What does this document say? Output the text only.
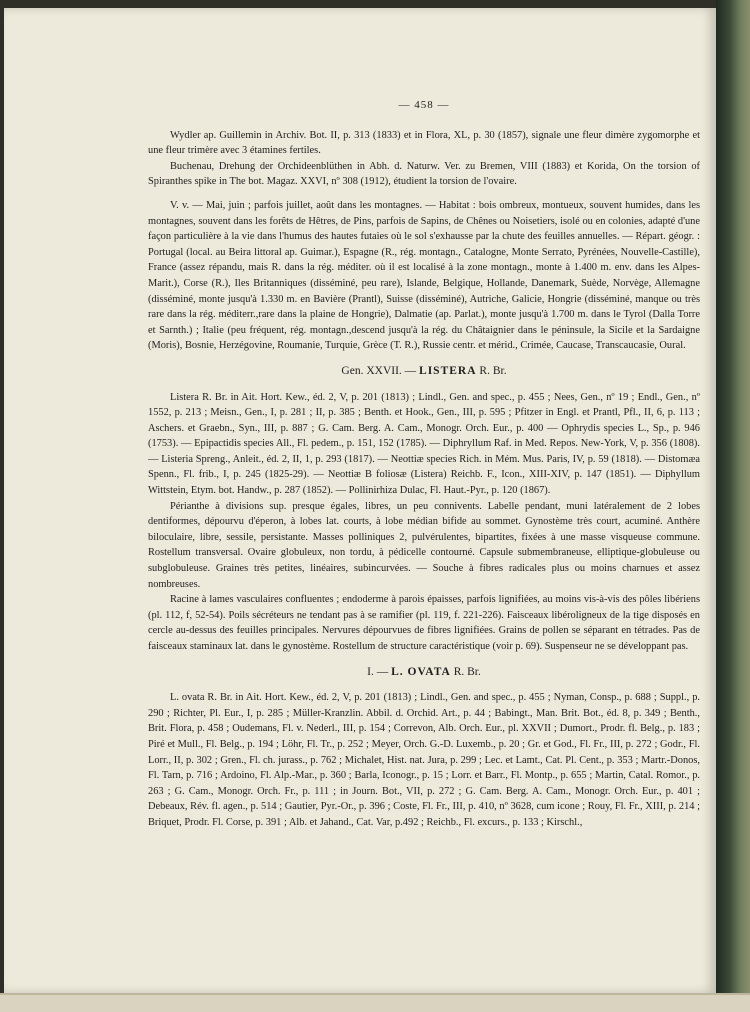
— 458 —

Wydler ap. Guillemin in Archiv. Bot. II, p. 313 (1833) et in Flora, XL, p. 30 (1857), signale une fleur dimère zygomorphe et une fleur trimère avec 3 étamines fertiles.

Buchenau, Drehung der Orchideenblüthen in Abh. d. Naturw. Ver. zu Bremen, VIII (1883) et Korida, On the torsion of Spiranthes spike in The bot. Magaz. XXVI, nº 308 (1912), étudient la torsion de l'ovaire.

V. v. — Mai, juin ; parfois juillet, août dans les montagnes. — Habitat : bois ombreux, montueux, souvent humides, dans les montagnes, souvent dans les forêts de Hêtres, de Pins, parfois de Sapins, de Chênes ou Noisetiers, isolé ou en colonies, adapté d'une façon particulière à la vie dans l'humus des hautes futaies où le sol s'exhausse par la chute des feuilles annuelles. — Répart. géogr. : Portugal (local. au Beira littoral ap. Guimar.), Espagne (R., rég. montagn., Catalogne, Monte Serrato, Pyrénées, Nouvelle-Castille), France (assez répandu, mais R. dans la rég. méditer. où il est localisé à la zone montagn., monte à 1.400 m. env. dans les Alpes-Marit.), Corse (R.), Iles Britanniques (disséminé, peu rare), Islande, Belgique, Hollande, Danemark, Suède, Norvège, Allemagne (disséminé, monte jusqu'à 1.330 m. en Bavière (Prantl), Suisse (disséminé), Autriche, Galicie, Hongrie (disséminé, manque ou très rare dans la rég. méditerr.,rare dans la plaine de Hongrie), Dalmatie (ap. Parlat.), monte jusqu'à 1.700 m. dans le Tyrol (Dalla Torre et Sarnth.) ; Italie (peu fréquent, rég. montagn.,descend jusqu'à la rég. du Châtaignier dans le péninsule, la Sicile et la Sardaigne (Moris), Bosnie, Herzégovine, Roumanie, Turquie, Grèce (T. R.), Russie centr. et mérid., Crimée, Caucase, Transcaucasie, Oural.

Gen. XXVII. — LISTERA R. Br.

Listera R. Br. in Ait. Hort. Kew., éd. 2, V, p. 201 (1813) ; Lindl., Gen. and spec., p. 455 ; Nees, Gen., nº 19 ; Endl., Gen., nº 1552, p. 213 ; Meisn., Gen., I, p. 281 ; II, p. 385 ; Benth. et Hook., Gen., III, p. 595 ; Pfitzer in Engl. et Prantl, Pfl., II, 6, p. 113 ; Aschers. et Graebn., Syn., III, p. 887 ; G. Cam. Berg. A. Cam., Monogr. Orch. Eur., p. 400 — Ophrydis species L., Sp., p. 946 (1753). — Epipactidis species All., Fl. pedem., p. 151, 152 (1785). — Diphryllum Raf. in Med. Repos. New-York, V, p. 356 (1808). — Listeria Spreng., Anleit., éd. 2, II, 1, p. 293 (1817). — Neottiæ species Rich. in Mém. Mus. Paris, IV, p. 59 (1818). — Distomæa Spenn., Fl. frib., I, p. 245 (1825-29). — Neottiæ B foliosæ (Listera) Reichb. F., Icon., XIII-XIV, p. 147 (1851). — Diphyllum Wittstein, Etym. bot. Handw., p. 287 (1852). — Pollinirhiza Dulac, Fl. Haut.-Pyr., p. 120 (1867).

Périanthe à divisions sup. presque égales, libres, un peu connivents. Labelle pendant, muni latéralement de 2 lobes dentiformes, dépourvu d'éperon, à lobes lat. courts, à lobe médian bifide au sommet. Gynostème très court, acuminé. Anthère biloculaire, libre, sessile, persistante. Masses polliniques 2, pulvérulentes, bipartites, fixées à une masse visqueuse commune. Rostellum transversal. Ovaire globuleux, non tordu, à pédicelle contourné. Capsule submembraneuse, elliptique-globuleuse ou subglobuleuse. Graines très petites, linéaires, subincurvées. — Souche à fibres radicales plus ou moins charnues et assez nombreuses.

Racine à lames vasculaires confluentes ; endoderme à parois épaisses, parfois lignifiées, au moins vis-à-vis des pôles libériens (pl. 112, f, 52-54). Poils sécréteurs ne tendant pas à se ramifier (pl. 119, f. 221-226). Faisceaux libéroligneux de la tige disposés en cercle au-dessus des feuilles principales. Nervures dépourvues de fibres lignifiées. Grains de pollen se séparant en tétrades. Pas de faisceaux staminaux lat. dans le gynostème. Rostellum de structure caractéristique (voir p. 69). Suspenseur ne se développant pas.

I. — L. OVATA R. Br.

L. ovata R. Br. in Ait. Hort. Kew., éd. 2, V, p. 201 (1813) ; Lindl., Gen. and spec., p. 455 ; Nyman, Consp., p. 688 ; Suppl., p. 290 ; Richter, Pl. Eur., I, p. 285 ; Müller-Kranzlin. Abbil. d. Orchid. Art., p. 44 ; Babingt., Man. Brit. Bot., éd. 8, p. 349 ; Benth., Brit. Flora, p. 458 ; Oudemans, Fl. v. Nederl., III, p. 154 ; Correvon, Alb. Orch. Eur., pl. XXVII ; Dumort., Prodr. fl. Belg., p. 183 ; Piré et Mull., Fl. Belg., p. 194 ; Löhr, Fl. Tr., p. 252 ; Meyer, Orch. G.-D. Luxemb., p. 20 ; Gr. et God., Fl. Fr., III, p. 272 ; Godr., Fl. Lorr., II, p. 302 ; Gren., Fl. ch. jurass., p. 762 ; Michalet, Hist. nat. Jura, p. 299 ; Lec. et Lamt., Cat. Pl. Cent., p. 353 ; Martr.-Donos, Fl. Tarn, p. 716 ; Ardoino, Fl. Alp.-Mar., p. 360 ; Barla, Iconogr., p. 15 ; Lorr. et Barr., Fl. Montp., p. 655 ; Martin, Catal. Romor., p. 263 ; G. Cam., Monogr. Orch. Fr., p. 111 ; in Journ. Bot., VII, p. 272 ; G. Cam. Berg. A. Cam., Monogr. Orch. Eur., p. 401 ; Debeaux, Rév. fl. agen., p. 514 ; Gautier, Pyr.-Or., p. 396 ; Coste, Fl. Fr., III, p. 410, nº 3628, cum icone ; Rouy, Fl. Fr., XIII, p. 214 ; Briquet, Prodr. Fl. Corse, p. 391 ; Alb. et Jahand., Cat. Var, p.492 ; Reichb., Fl. excurs., p. 133 ; Kirschl.,
